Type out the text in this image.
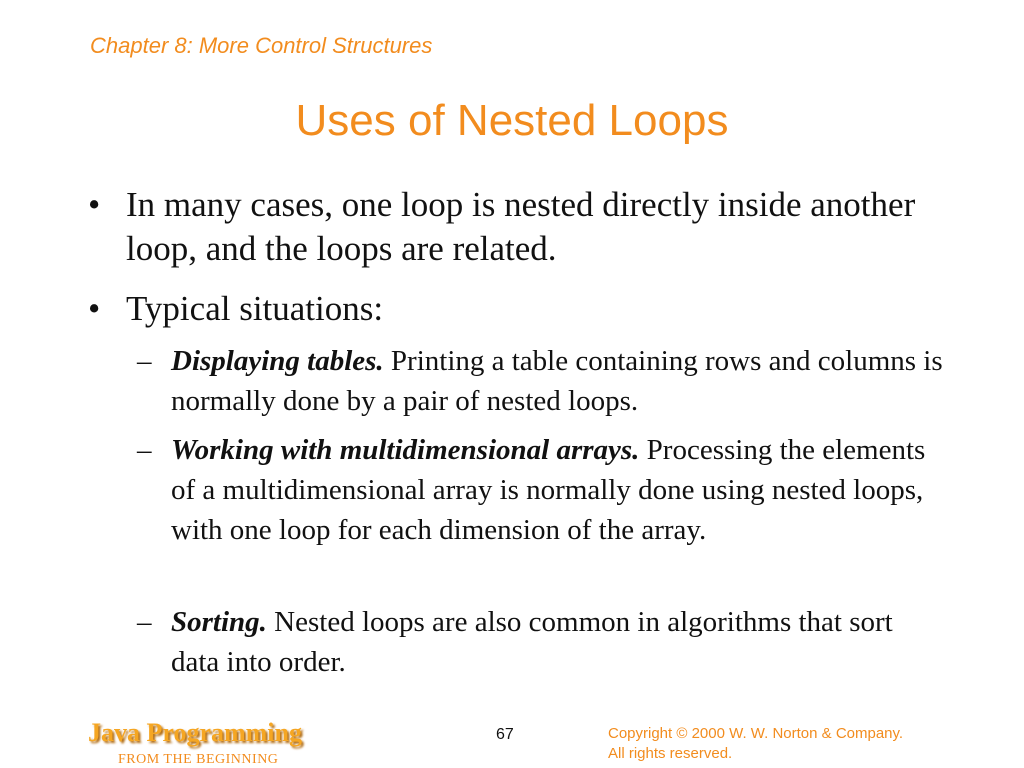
Chapter 8: More Control Structures
Uses of Nested Loops
• In many cases, one loop is nested directly inside another loop, and the loops are related.
• Typical situations:
– Displaying tables. Printing a table containing rows and columns is normally done by a pair of nested loops.
– Working with multidimensional arrays. Processing the elements of a multidimensional array is normally done using nested loops, with one loop for each dimension of the array.
– Sorting. Nested loops are also common in algorithms that sort data into order.
Java Programming
FROM THE BEGINNING
67	Copyright © 2000 W. W. Norton & Company.
All rights reserved.
